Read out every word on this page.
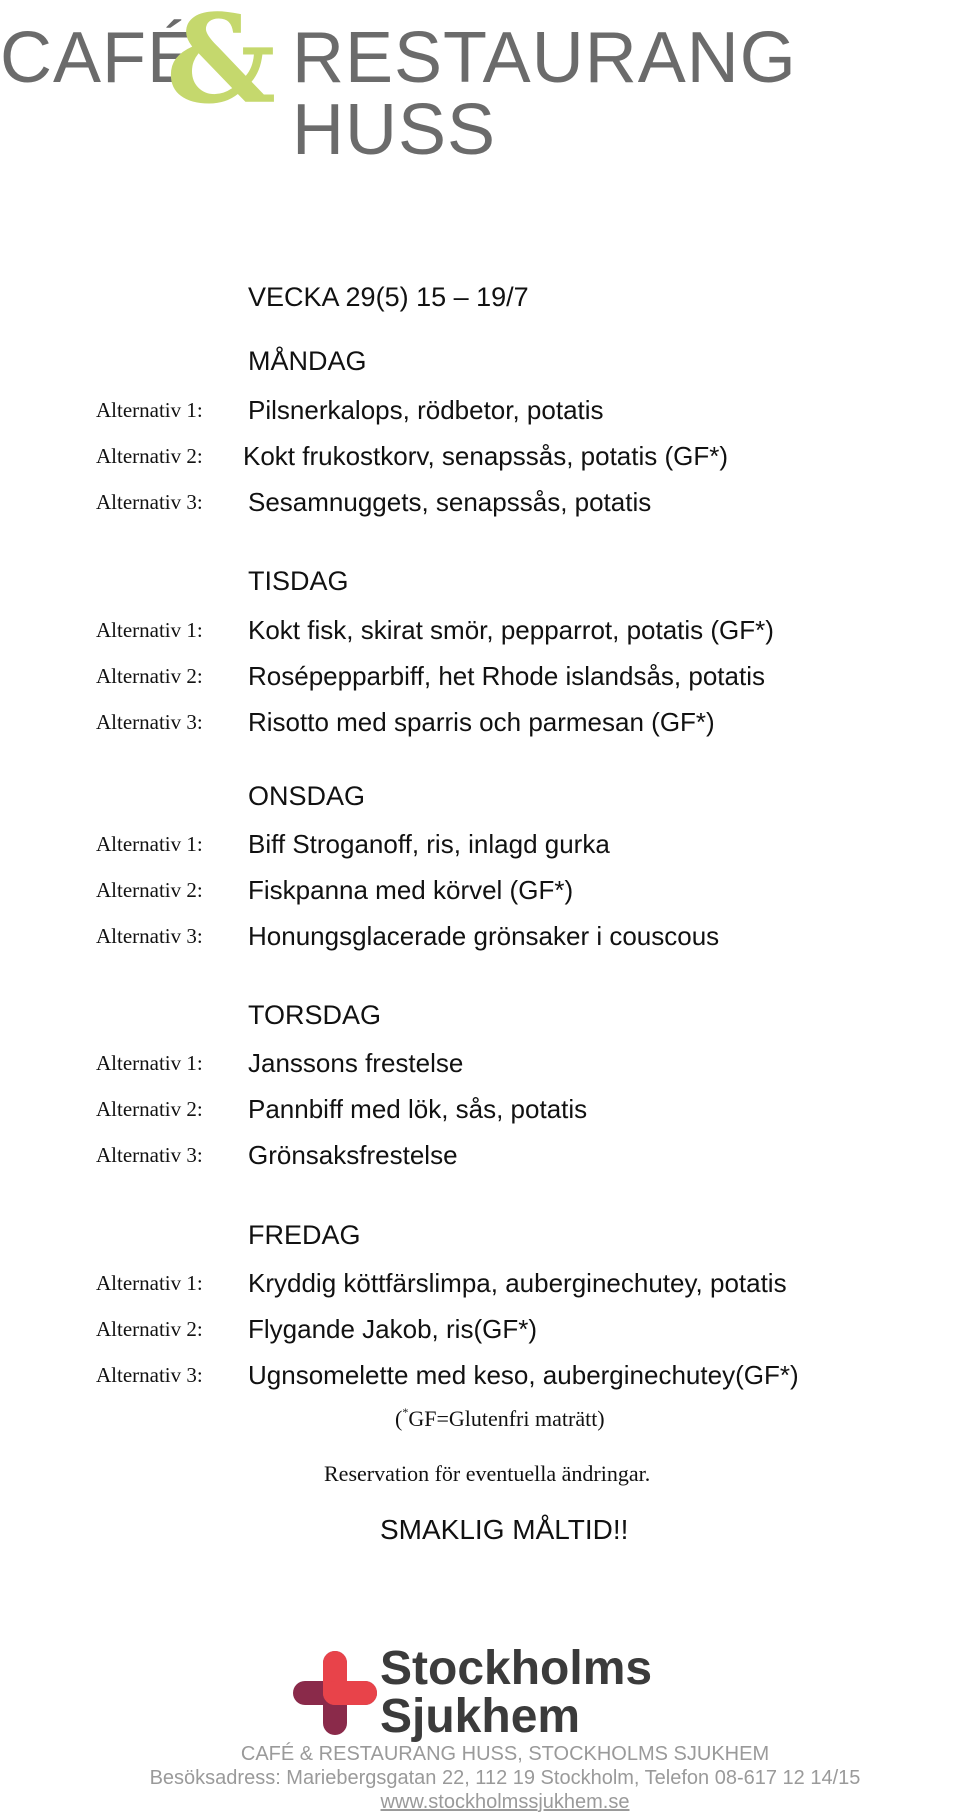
CAFÉ
& RESTAURANG HUSS
VECKA 29(5) 15 – 19/7
MÅNDAG
Alternativ 1: Pilsnerkalops, rödbetor, potatis
Alternativ 2: Kokt frukostkorv, senapssås, potatis (GF*)
Alternativ 3: Sesamnuggets, senapssås, potatis
TISDAG
Alternativ 1: Kokt fisk, skirat smör, pepparrot, potatis (GF*)
Alternativ 2: Rosépepparbiff, het Rhode islandsås, potatis
Alternativ 3: Risotto med sparris och parmesan (GF*)
ONSDAG
Alternativ 1: Biff Stroganoff, ris, inlagd gurka
Alternativ 2: Fiskpanna med körvel (GF*)
Alternativ 3: Honungsglacerade grönsaker i couscous
TORSDAG
Alternativ 1: Janssons frestelse
Alternativ 2: Pannbiff med lök, sås, potatis
Alternativ 3: Grönsaksfrestelse
FREDAG
Alternativ 1: Kryddig köttfärslimpa, auberginechutey, potatis
Alternativ 2: Flygande Jakob, ris(GF*)
Alternativ 3: Ugnsomelette med keso, auberginechutey(GF*)
(*GF=Glutenfri maträtt)
Reservation för eventuella ändringar.
SMAKLIG MÅLTID!!
Stockholms
Sjukhem
CAFÉ & RESTAURANG HUSS, STOCKHOLMS SJUKHEM
Besöksadress: Mariebergsgatan 22, 112 19 Stockholm, Telefon 08-617 12 14/15
www.stockholmssjukhem.se
